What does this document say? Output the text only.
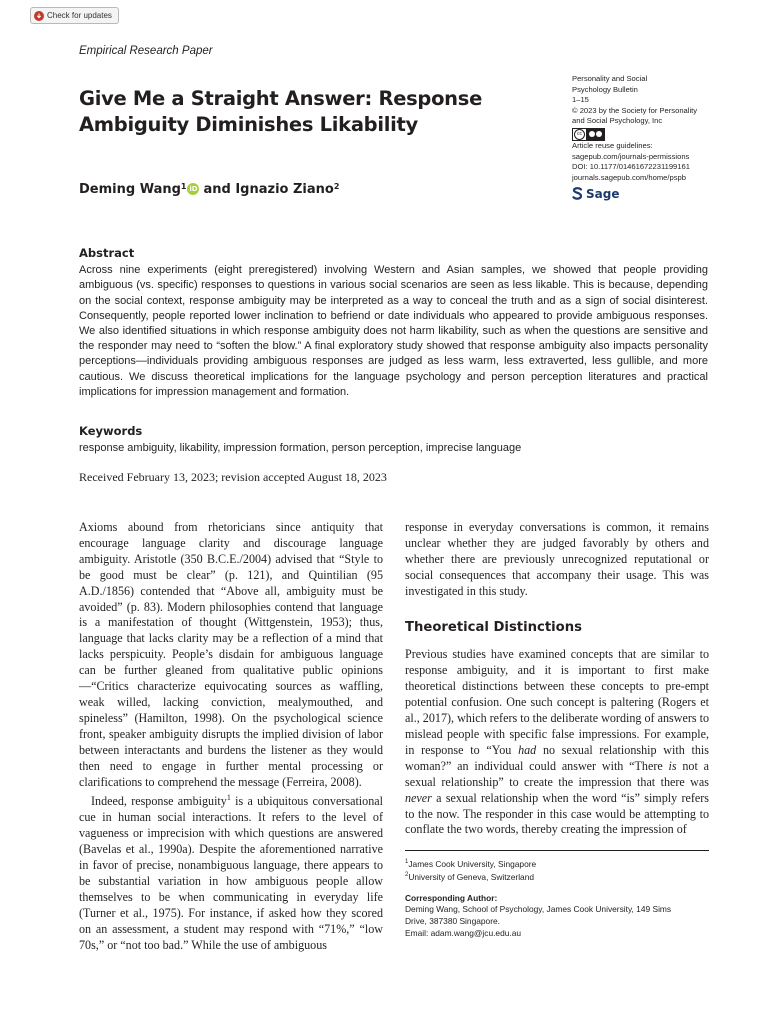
Check for updates
Empirical Research Paper
Give Me a Straight Answer: Response
Ambiguity Diminishes Likability
Personality and Social
Psychology Bulletin
1–15
© 2023 by the Society for Personality
and Social Psychology, Inc
cc
Article reuse guidelines:
sagepub.com/journals-permissions
DOI: 10.1177/01461672231199161
journals.sagepub.com/home/pspb
Sage
Deming Wang$^1$ iD and Ignazio Ziano$^2$
Abstract

Across nine experiments (eight preregistered) involving Western and Asian samples, we showed that people providing ambiguous (vs. specific) responses to questions in various social scenarios are seen as less likable. This is because, depending on the social context, response ambiguity may be interpreted as a way to conceal the truth and as a sign of social disinterest. Consequently, people reported lower inclination to befriend or date individuals who appeared to provide ambiguous responses. We also identified situations in which response ambiguity does not harm likability, such as when the questions are sensitive and the responder may need to “soften the blow.” A final exploratory study showed that response ambiguity also impacts personality perceptions—individuals providing ambiguous responses are judged as less warm, less extraverted, less gullible, and more cautious. We discuss theoretical implications for the language psychology and person perception literatures and practical implications for impression management and formation.

Keywords
response ambiguity, likability, impression formation, person perception, imprecise language
Received February 13, 2023; revision accepted August 18, 2023

Axioms abound from rhetoricians since antiquity that encourage language clarity and discourage language ambiguity. Aristotle (350 B.C.E./2004) advised that “Style to be good must be clear” (p. 121), and Quintilian (95 A.D./1856) contended that “Above all, ambiguity must be avoided” (p. 83). Modern philosophies contend that language is a manifestation of thought (Wittgenstein, 1953); thus, language that lacks clarity may be a reflection of a mind that lacks perspicuity. People’s disdain for ambiguous language can be further gleaned from qualitative public opinions—“Critics characterize equivocating sources as waffling, weak willed, lacking conviction, mealymouthed, and spineless” (Hamilton, 1998). On the psychological science front, speaker ambiguity disrupts the implied division of labor between interactants and burdens the listener as they would then need to engage in further mental processing or clarifications to comprehend the message (Ferreira, 2008).

Indeed, response ambiguity$^1$ is a ubiquitous conversational cue in human social interactions. It refers to the level of vagueness or imprecision with which questions are answered (Bavelas et al., 1990a). Despite the aforementioned narrative in favor of precise, nonambiguous language, there appears to be substantial variation in how ambiguous people allow themselves to be when communicating in everyday life (Turner et al., 1975). For instance, if asked how they scored on an assessment, a student may respond with “71%,” “low 70s,” or “not too bad.” While the use of ambiguous

response in everyday conversations is common, it remains unclear whether they are judged favorably by others and whether there are previously unrecognized reputational or social consequences that accompany their usage. This was investigated in this study.

Theoretical Distinctions

Previous studies have examined concepts that are similar to response ambiguity, and it is important to first make theoretical distinctions between these concepts to pre-empt potential confusion. One such concept is paltering (Rogers et al., 2017), which refers to the deliberate wording of answers to mislead people with specific false impressions. For example, in response to “You had no sexual relationship with this woman?” an individual could answer with “There is not a sexual relationship” to create the impression that there was never a sexual relationship when the word “is” simply refers to the now. The responder in this case would be attempting to conflate the two words, thereby creating the impression of

$^1$James Cook University, Singapore
$^2$University of Geneva, Switzerland
Corresponding Author:
Deming Wang, School of Psychology, James Cook University, 149 Sims
Drive, 387380 Singapore.
Email: adam.wang@jcu.edu.au
